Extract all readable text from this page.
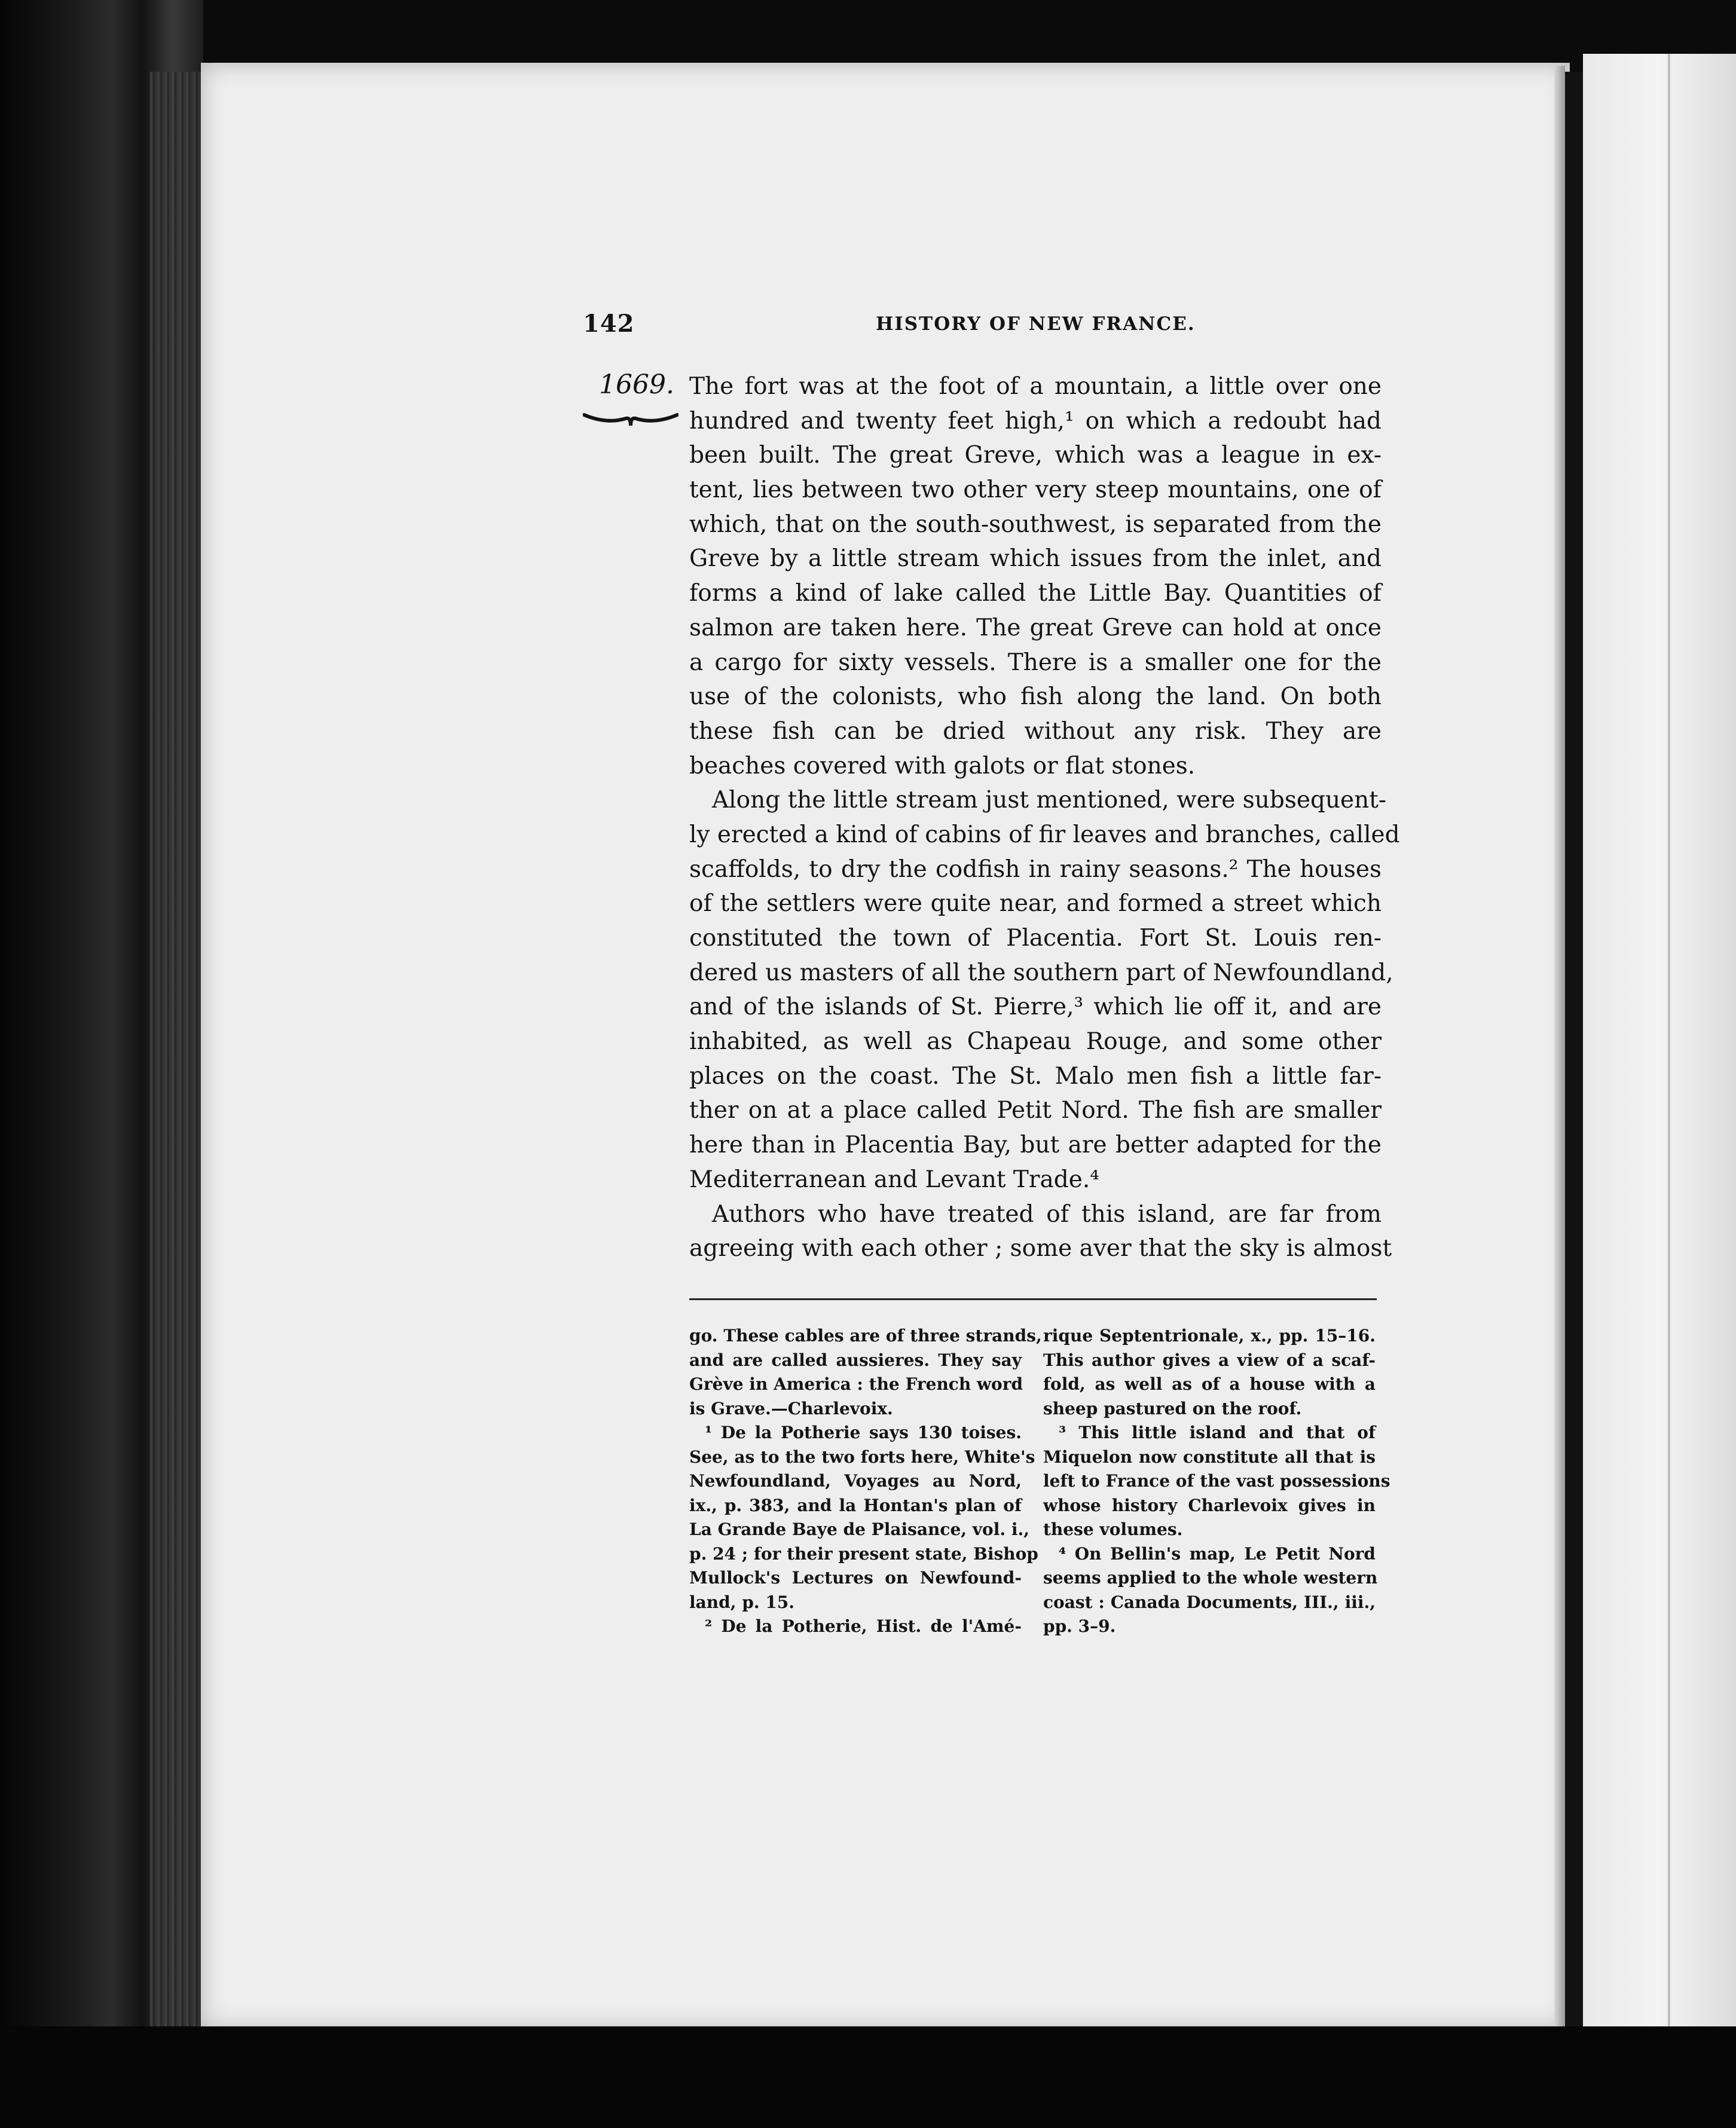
142	HISTORY OF NEW FRANCE.
1669. The fort was at the foot of a mountain, a little over one
hundred and twenty feet high,¹ on which a redoubt had
been built. The great Greve, which was a league in ex-
tent, lies between two other very steep mountains, one of
which, that on the south-southwest, is separated from the
Greve by a little stream which issues from the inlet, and
forms a kind of lake called the Little Bay. Quantities of
salmon are taken here. The great Greve can hold at once
a cargo for sixty vessels. There is a smaller one for the
use of the colonists, who fish along the land. On both
these fish can be dried without any risk. They are
beaches covered with galots or flat stones.
Along the little stream just mentioned, were subsequent-
ly erected a kind of cabins of fir leaves and branches, called
scaffolds, to dry the codfish in rainy seasons.² The houses
of the settlers were quite near, and formed a street which
constituted the town of Placentia. Fort St. Louis ren-
dered us masters of all the southern part of Newfoundland,
and of the islands of St. Pierre,³ which lie off it, and are
inhabited, as well as Chapeau Rouge, and some other
places on the coast. The St. Malo men fish a little far-
ther on at a place called Petit Nord. The fish are smaller
here than in Placentia Bay, but are better adapted for the
Mediterranean and Levant Trade.⁴
Authors who have treated of this island, are far from
agreeing with each other ; some aver that the sky is almost
go. These cables are of three strands,
and are called aussieres. They say
Grève in America : the French word
is Grave.—Charlevoix.
¹ De la Potherie says 130 toises.
See, as to the two forts here, White's
Newfoundland, Voyages au Nord,
ix., p. 383, and la Hontan's plan of
La Grande Baye de Plaisance, vol. i.,
p. 24 ; for their present state, Bishop
Mullock's Lectures on Newfound-
land, p. 15.
² De la Potherie, Hist. de l'Amé-
rique Septentrionale, x., pp. 15–16.
This author gives a view of a scaf-
fold, as well as of a house with a
sheep pastured on the roof.
³ This little island and that of
Miquelon now constitute all that is
left to France of the vast possessions
whose history Charlevoix gives in
these volumes.
⁴ On Bellin's map, Le Petit Nord
seems applied to the whole western
coast : Canada Documents, III., iii.,
pp. 3–9.
